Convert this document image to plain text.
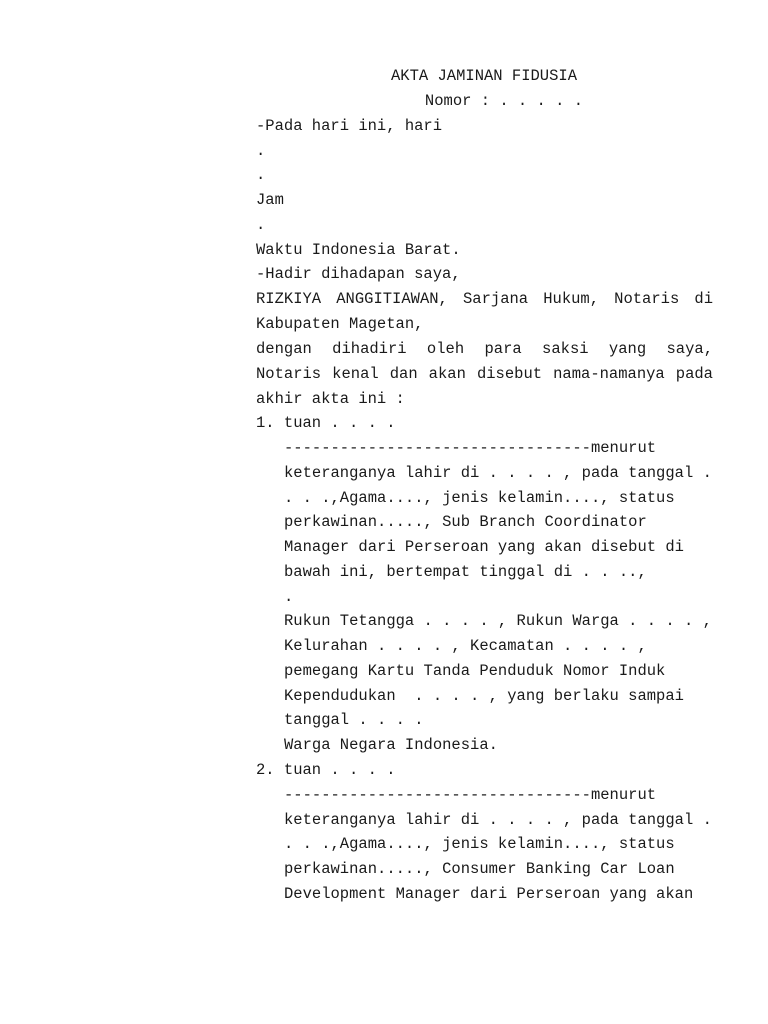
AKTA JAMINAN FIDUSIA
Nomor : . . . . .
-Pada hari ini, hari
.
.
Jam
.
Waktu Indonesia Barat.
-Hadir dihadapan saya,
RIZKIYA ANGGITIAWAN, Sarjana Hukum, Notaris di
Kabupaten Magetan,
dengan dihadiri oleh para saksi yang saya,
Notaris kenal dan akan disebut nama-namanya pada
akhir akta ini :
1. tuan . . . .
---------------------------------menurut
keteranganya lahir di . . . . , pada tanggal .
. . .,Agama...., jenis kelamin...., status
perkawinan....., Sub Branch Coordinator
Manager dari Perseroan yang akan disebut di
bawah ini, bertempat tinggal di . . ..,
.
Rukun Tetangga . . . . , Rukun Warga . . . . ,
Kelurahan . . . . , Kecamatan . . . . ,
pemegang Kartu Tanda Penduduk Nomor Induk
Kependudukan  . . . . , yang berlaku sampai
tanggal . . . .
Warga Negara Indonesia.
2. tuan . . . .
---------------------------------menurut
keteranganya lahir di . . . . , pada tanggal .
. . .,Agama...., jenis kelamin...., status
perkawinan....., Consumer Banking Car Loan
Development Manager dari Perseroan yang akan
